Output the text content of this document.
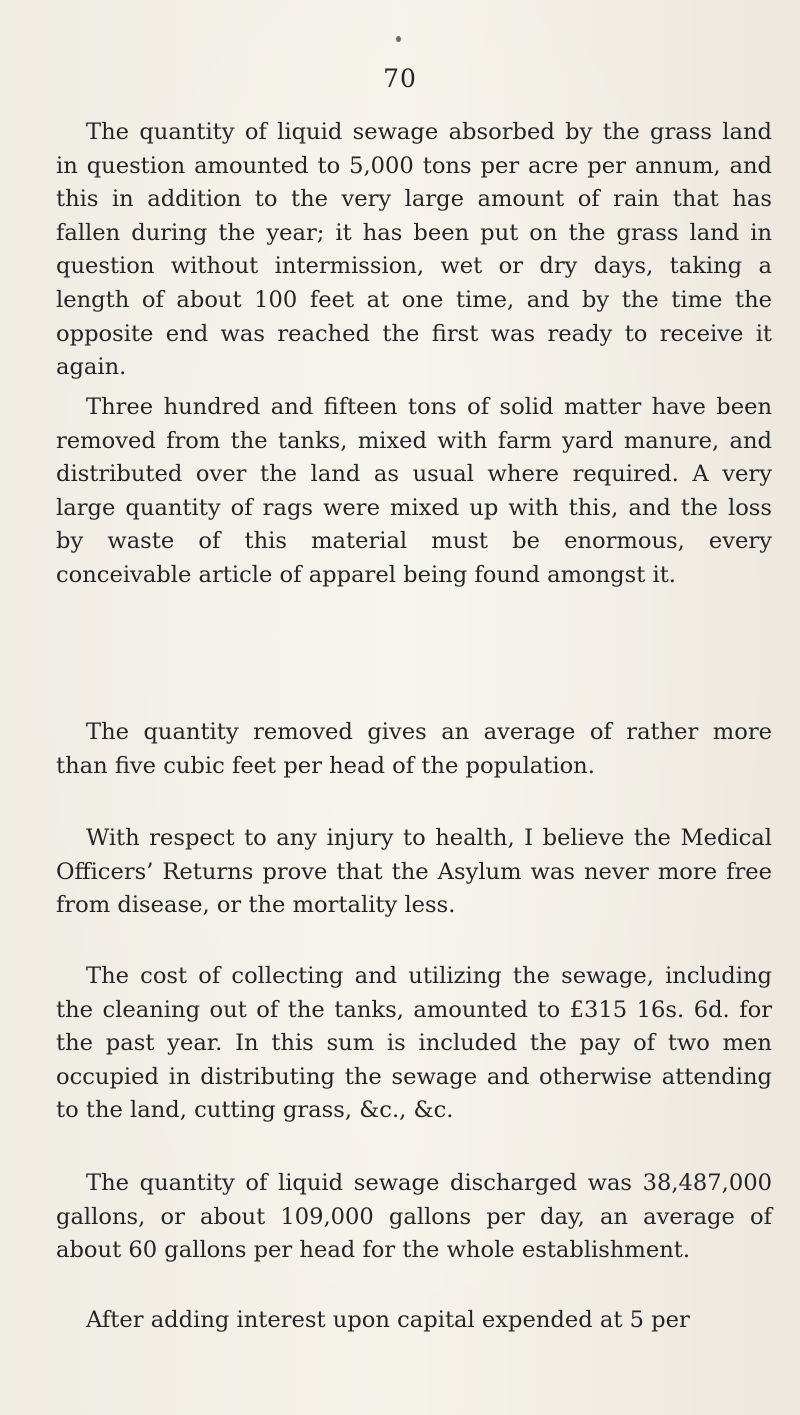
70

The quantity of liquid sewage absorbed by the grass land in question amounted to 5,000 tons per acre per annum, and this in addition to the very large amount of rain that has fallen during the year; it has been put on the grass land in question without intermission, wet or dry days, taking a length of about 100 feet at one time, and by the time the opposite end was reached the first was ready to receive it again.

Three hundred and fifteen tons of solid matter have been removed from the tanks, mixed with farm yard manure, and distributed over the land as usual where required. A very large quantity of rags were mixed up with this, and the loss by waste of this material must be enormous, every conceivable article of apparel being found amongst it.

The quantity removed gives an average of rather more than five cubic feet per head of the population.

With respect to any injury to health, I believe the Medical Officers’ Returns prove that the Asylum was never more free from disease, or the mortality less.

The cost of collecting and utilizing the sewage, including the cleaning out of the tanks, amounted to £315 16s. 6d. for the past year. In this sum is included the pay of two men occupied in distributing the sewage and otherwise attending to the land, cutting grass, &c., &c.

The quantity of liquid sewage discharged was 38,487,000 gallons, or about 109,000 gallons per day, an average of about 60 gallons per head for the whole establishment.

After adding interest upon capital expended at 5 per
